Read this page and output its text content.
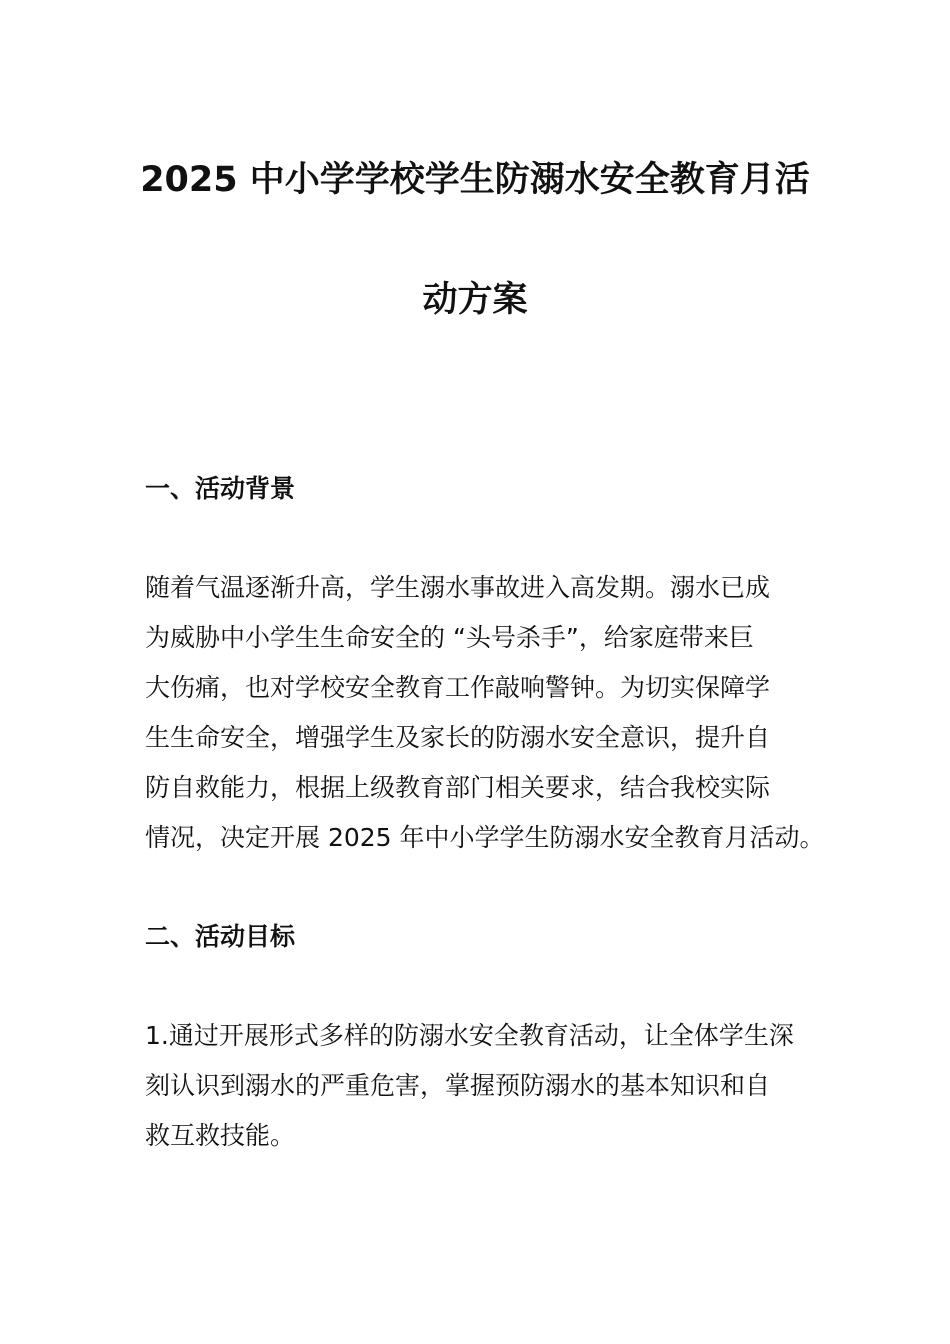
2025 中小学学校学生防溺水安全教育月活
动方案
一、活动背景
随着气温逐渐升高，学生溺水事故进入高发期。溺水已成
为威胁中小学生生命安全的 “头号杀手”，给家庭带来巨
大伤痛，也对学校安全教育工作敲响警钟。为切实保障学
生生命安全，增强学生及家长的防溺水安全意识，提升自
防自救能力，根据上级教育部门相关要求，结合我校实际
情况，决定开展 2025 年中小学学生防溺水安全教育月活动。
二、活动目标
1.通过开展形式多样的防溺水安全教育活动，让全体学生深
刻认识到溺水的严重危害，掌握预防溺水的基本知识和自
救互救技能。
